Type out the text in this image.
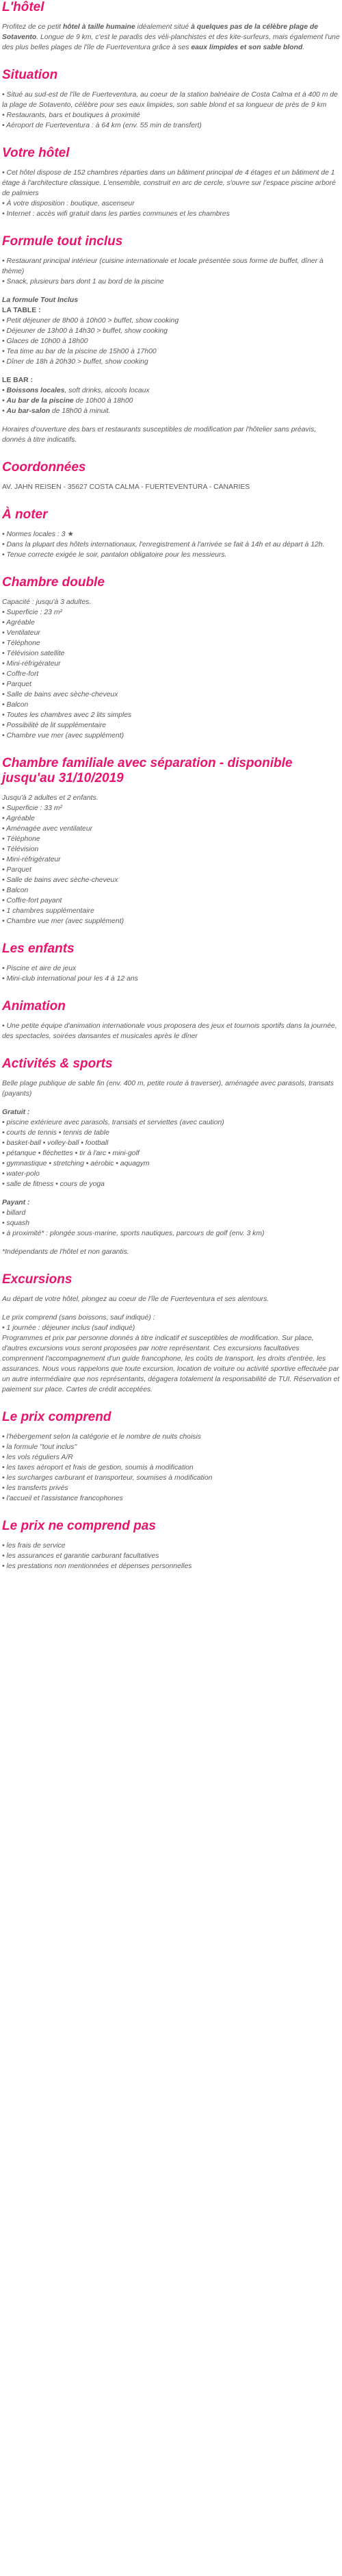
L'hôtel

Profitez de ce petit hôtel à taille humaine idéalement situé à quelques pas de la célèbre plage de Sotavento. Longue de 9 km, c'est le paradis des véli-planchistes et des kite-surfeurs, mais également l'une des plus belles plages de l'île de Fuerteventura grâce à ses eaux limpides et son sable blond.

Situation
• Situé au sud-est de l'île de Fuerteventura, au coeur de la station balnéaire de Costa Calma et à 400 m de la plage de Sotavento, célèbre pour ses eaux limpides, son sable blond et sa longueur de près de 9 km
• Restaurants, bars et boutiques à proximité
• Aéroport de Fuerteventura : à 64 km (env. 55 min de transfert)
Votre hôtel
• Cet hôtel dispose de 152 chambres réparties dans un bâtiment principal de 4 étages et un bâtiment de 1 étage à l'architecture classique. L'ensemble, construit en arc de cercle, s'ouvre sur l'espace piscine arboré de palmiers
• À votre disposition : boutique, ascenseur
• Internet : accès wifi gratuit dans les parties communes et les chambres
Formule tout inclus
• Restaurant principal intérieur (cuisine internationale et locale présentée sous forme de buffet, dîner à thème)
• Snack, plusieurs bars dont 1 au bord de la piscine
La formule Tout Inclus
LA TABLE :
• Petit déjeuner de 8h00 à 10h00 > buffet, show cooking
• Déjeuner de 13h00 à 14h30 > buffet, show cooking
• Glaces de 10h00 à 18h00
• Tea time au bar de la piscine de 15h00 à 17h00
• Dîner de 18h à 20h30 > buffet, show cooking
LE BAR :
• Boissons locales, soft drinks, alcools locaux
• Au bar de la piscine de 10h00 à 18h00
• Au bar-salon de 18h00 à minuit.

Horaires d'ouverture des bars et restaurants susceptibles de modification par l'hôtelier sans préavis, donnés à titre indicatifs.

Coordonnées

AV. JAHN REISEN - 35627 COSTA CALMA - FUERTEVENTURA - CANARIES

À noter
• Normes locales : 3 ★
• Dans la plupart des hôtels internationaux, l'enregistrement à l'arrivée se fait à 14h et au départ à 12h.
• Tenue correcte exigée le soir, pantalon obligatoire pour les messieurs.
Chambre double
Capacité : jusqu'à 3 adultes.
• Superficie : 23 m²
• Agréable
• Ventilateur
• Téléphone
• Télévision satellite
• Mini-réfrigérateur
• Coffre-fort
• Parquet
• Salle de bains avec sèche-cheveux
• Balcon
• Toutes les chambres avec 2 lits simples
• Possibilité de lit supplémentaire
• Chambre vue mer (avec supplément)
Chambre familiale avec séparation - disponible jusqu'au 31/10/2019
Jusqu'à 2 adultes et 2 enfants.
• Superficie : 33 m²
• Agréable
• Aménagée avec ventilateur
• Téléphone
• Télévision
• Mini-réfrigérateur
• Parquet
• Salle de bains avec sèche-cheveux
• Balcon
• Coffre-fort payant
• 1 chambres supplémentaire
• Chambre vue mer (avec supplément)
Les enfants
• Piscine et aire de jeux
• Mini-club international pour les 4 à 12 ans
Animation
• Une petite équipe d'animation internationale vous proposera des jeux et tournois sportifs dans la journée, des spectacles, soirées dansantes et musicales après le dîner
Activités & sports

Belle plage publique de sable fin (env. 400 m, petite route à traverser), aménagée avec parasols, transats (payants)

Gratuit :
• piscine extérieure avec parasols, transats et serviettes (avec caution)
• courts de tennis • tennis de table
• basket-ball • volley-ball • football
• pétanque • fléchettes • tir à l'arc • mini-golf
• gymnastique • stretching • aérobic • aquagym
• water-polo
• salle de fitness • cours de yoga
Payant :
• billard
• squash
• à proximité* : plongée sous-marine, sports nautiques, parcours de golf (env. 3 km)

*Indépendants de l'hôtel et non garantis.

Excursions

Au départ de votre hôtel, plongez au coeur de l'île de Fuerteventura et ses alentours.

Le prix comprend (sans boissons, sauf indiqué) :
• 1 journée : déjeuner inclus (sauf indiqué)

Programmes et prix par personne donnés à titre indicatif et susceptibles de modification. Sur place, d'autres excursions vous seront proposées par notre représentant. Ces excursions facultatives comprennent l'accompagnement d'un guide francophone, les coûts de transport, les droits d'entrée, les assurances. Nous vous rappelons que toute excursion, location de voiture ou activité sportive effectuée par un autre intermédiaire que nos représentants, dégagera totalement la responsabilité de TUI. Réservation et paiement sur place. Cartes de crédit acceptées.

Le prix comprend
• l'hébergement selon la catégorie et le nombre de nuits choisis
• la formule "tout inclus"
• les vols réguliers A/R
• les taxes aéroport et frais de gestion, soumis à modification
• les surcharges carburant et transporteur, soumises à modification
• les transferts privés
• l'accueil et l'assistance francophones
Le prix ne comprend pas
• les frais de service
• les assurances et garantie carburant facultatives
• les prestations non mentionnées et dépenses personnelles
